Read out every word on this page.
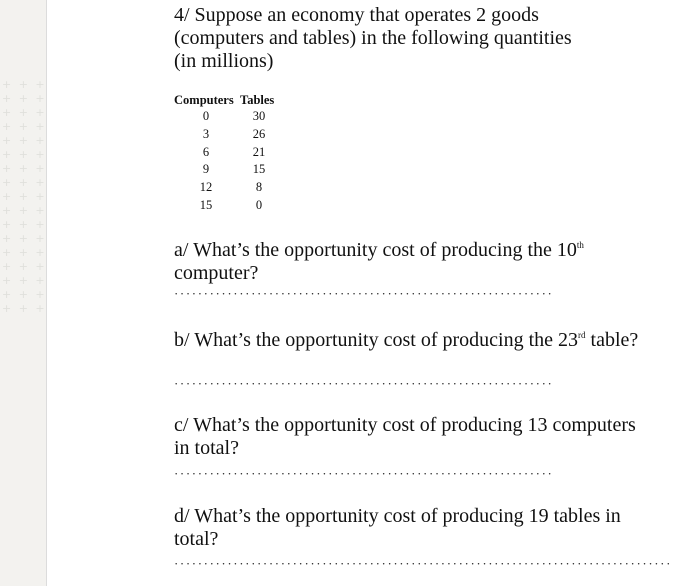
+ + +
+ + +
+ + +
+ + +
+ + +
+ + +
+ + +
+ + +
+ + +
+ + +
+ + +
+ + +
+ + +
+ + +
+ + +
+ + +
+ + +

4/ Suppose an economy that operates 2 goods (computers and tables) in the following quantities (in millions)

Computers	Tables
0	30
3	26
6	21
9	15
12	8
15	0
a/ What’s the opportunity cost of producing the 10th computer?
································································
b/ What’s the opportunity cost of producing the 23rd table?
································································
c/ What’s the opportunity cost of producing 13 computers in total?
································································
d/ What’s the opportunity cost of producing 19 tables in total?
····················································································
